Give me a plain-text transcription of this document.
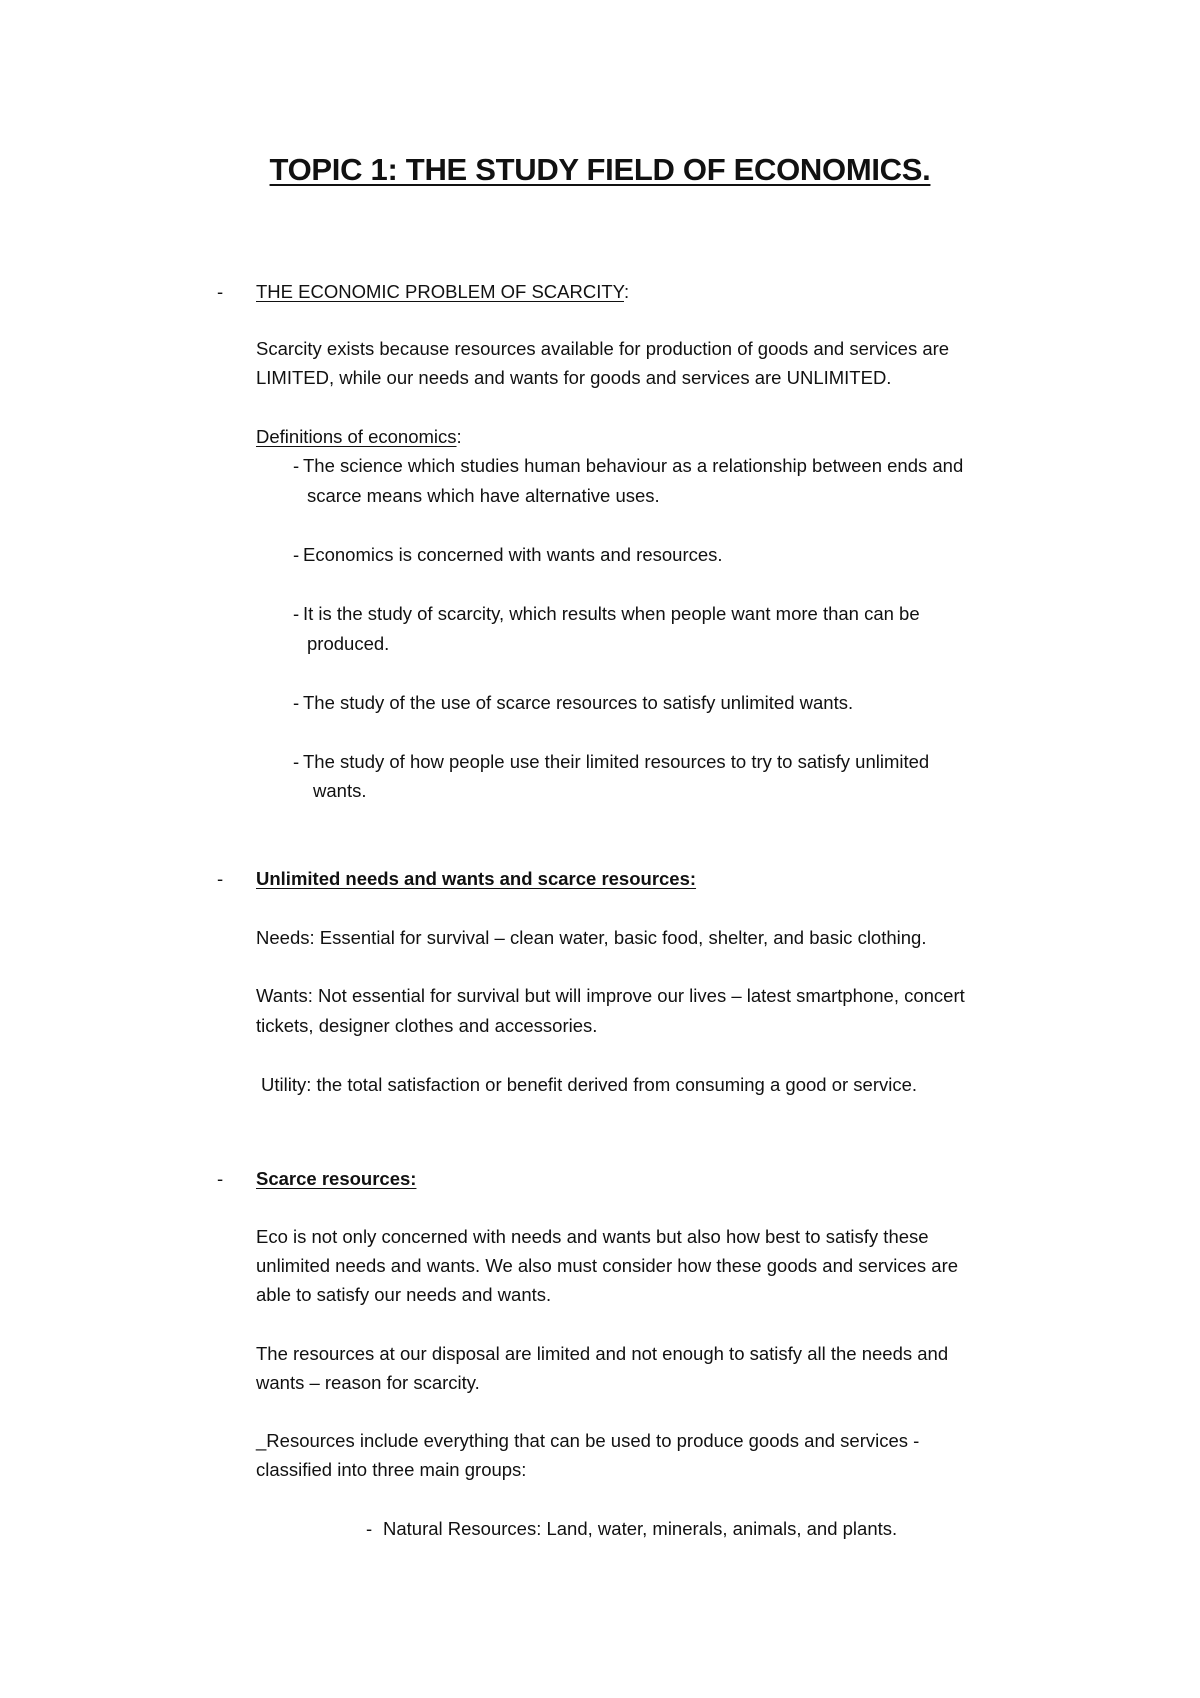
TOPIC 1: THE STUDY FIELD OF ECONOMICS.
- THE ECONOMIC PROBLEM OF SCARCITY:
Scarcity exists because resources available for production of goods and services are
LIMITED, while our needs and wants for goods and services are UNLIMITED.
Definitions of economics:
- The science which studies human behaviour as a relationship between ends and
scarce means which have alternative uses.
- Economics is concerned with wants and resources.
- It is the study of scarcity, which results when people want more than can be
produced.
- The study of the use of scarce resources to satisfy unlimited wants.
- The study of how people use their limited resources to try to satisfy unlimited
wants.
- Unlimited needs and wants and scarce resources:
Needs: Essential for survival – clean water, basic food, shelter, and basic clothing.
Wants: Not essential for survival but will improve our lives – latest smartphone, concert
tickets, designer clothes and accessories.
Utility: the total satisfaction or benefit derived from consuming a good or service.
- Scarce resources:
Eco is not only concerned with needs and wants but also how best to satisfy these
unlimited needs and wants. We also must consider how these goods and services are
able to satisfy our needs and wants.
The resources at our disposal are limited and not enough to satisfy all the needs and
wants – reason for scarcity.
_Resources include everything that can be used to produce goods and services -
classified into three main groups:
- Natural Resources: Land, water, minerals, animals, and plants.
